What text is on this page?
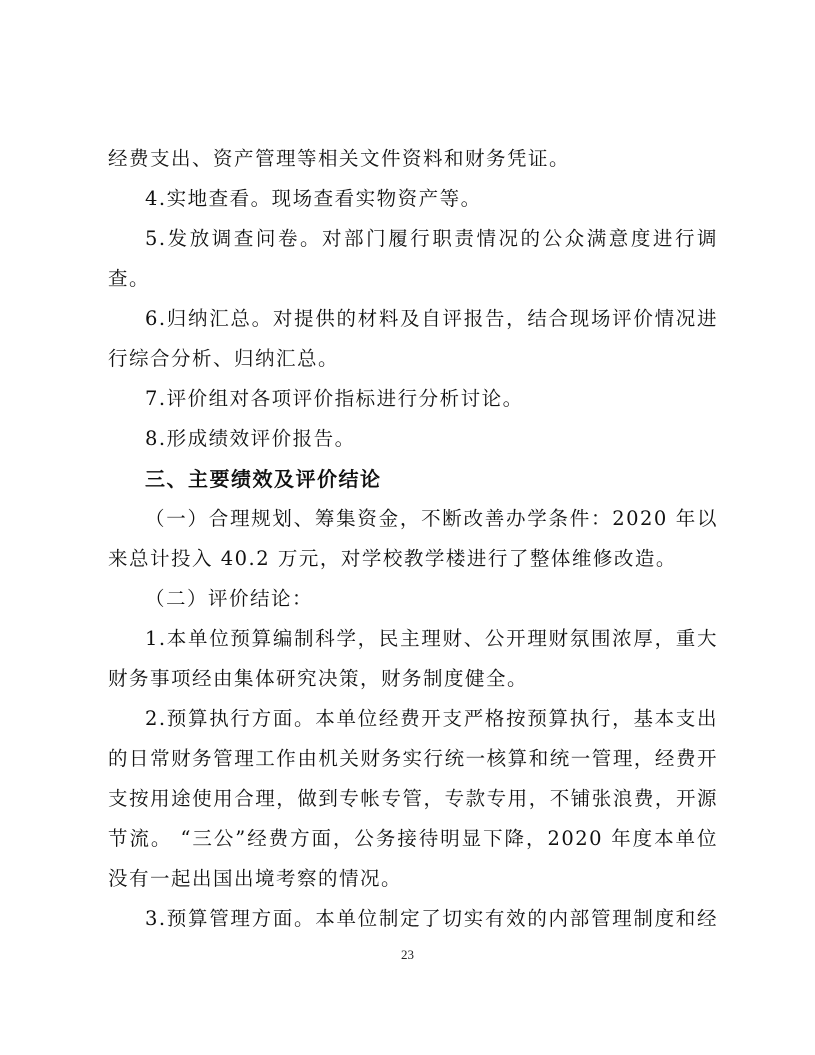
经费支出、资产管理等相关文件资料和财务凭证。
4.实地查看。现场查看实物资产等。
5.发放调查问卷。对部门履行职责情况的公众满意度进行调
查。
6.归纳汇总。对提供的材料及自评报告，结合现场评价情况进
行综合分析、归纳汇总。
7.评价组对各项评价指标进行分析讨论。
8.形成绩效评价报告。
三、主要绩效及评价结论
（一）合理规划、筹集资金，不断改善办学条件：2020 年以
来总计投入 40.2 万元，对学校教学楼进行了整体维修改造。
（二）评价结论：
1.本单位预算编制科学，民主理财、公开理财氛围浓厚，重大
财务事项经由集体研究决策，财务制度健全。
2.预算执行方面。本单位经费开支严格按预算执行，基本支出
的日常财务管理工作由机关财务实行统一核算和统一管理，经费开
支按用途使用合理，做到专帐专管，专款专用，不铺张浪费，开源
节流。 “三公”经费方面，公务接待明显下降，2020 年度本单位
没有一起出国出境考察的情况。
3.预算管理方面。本单位制定了切实有效的内部管理制度和经
23
